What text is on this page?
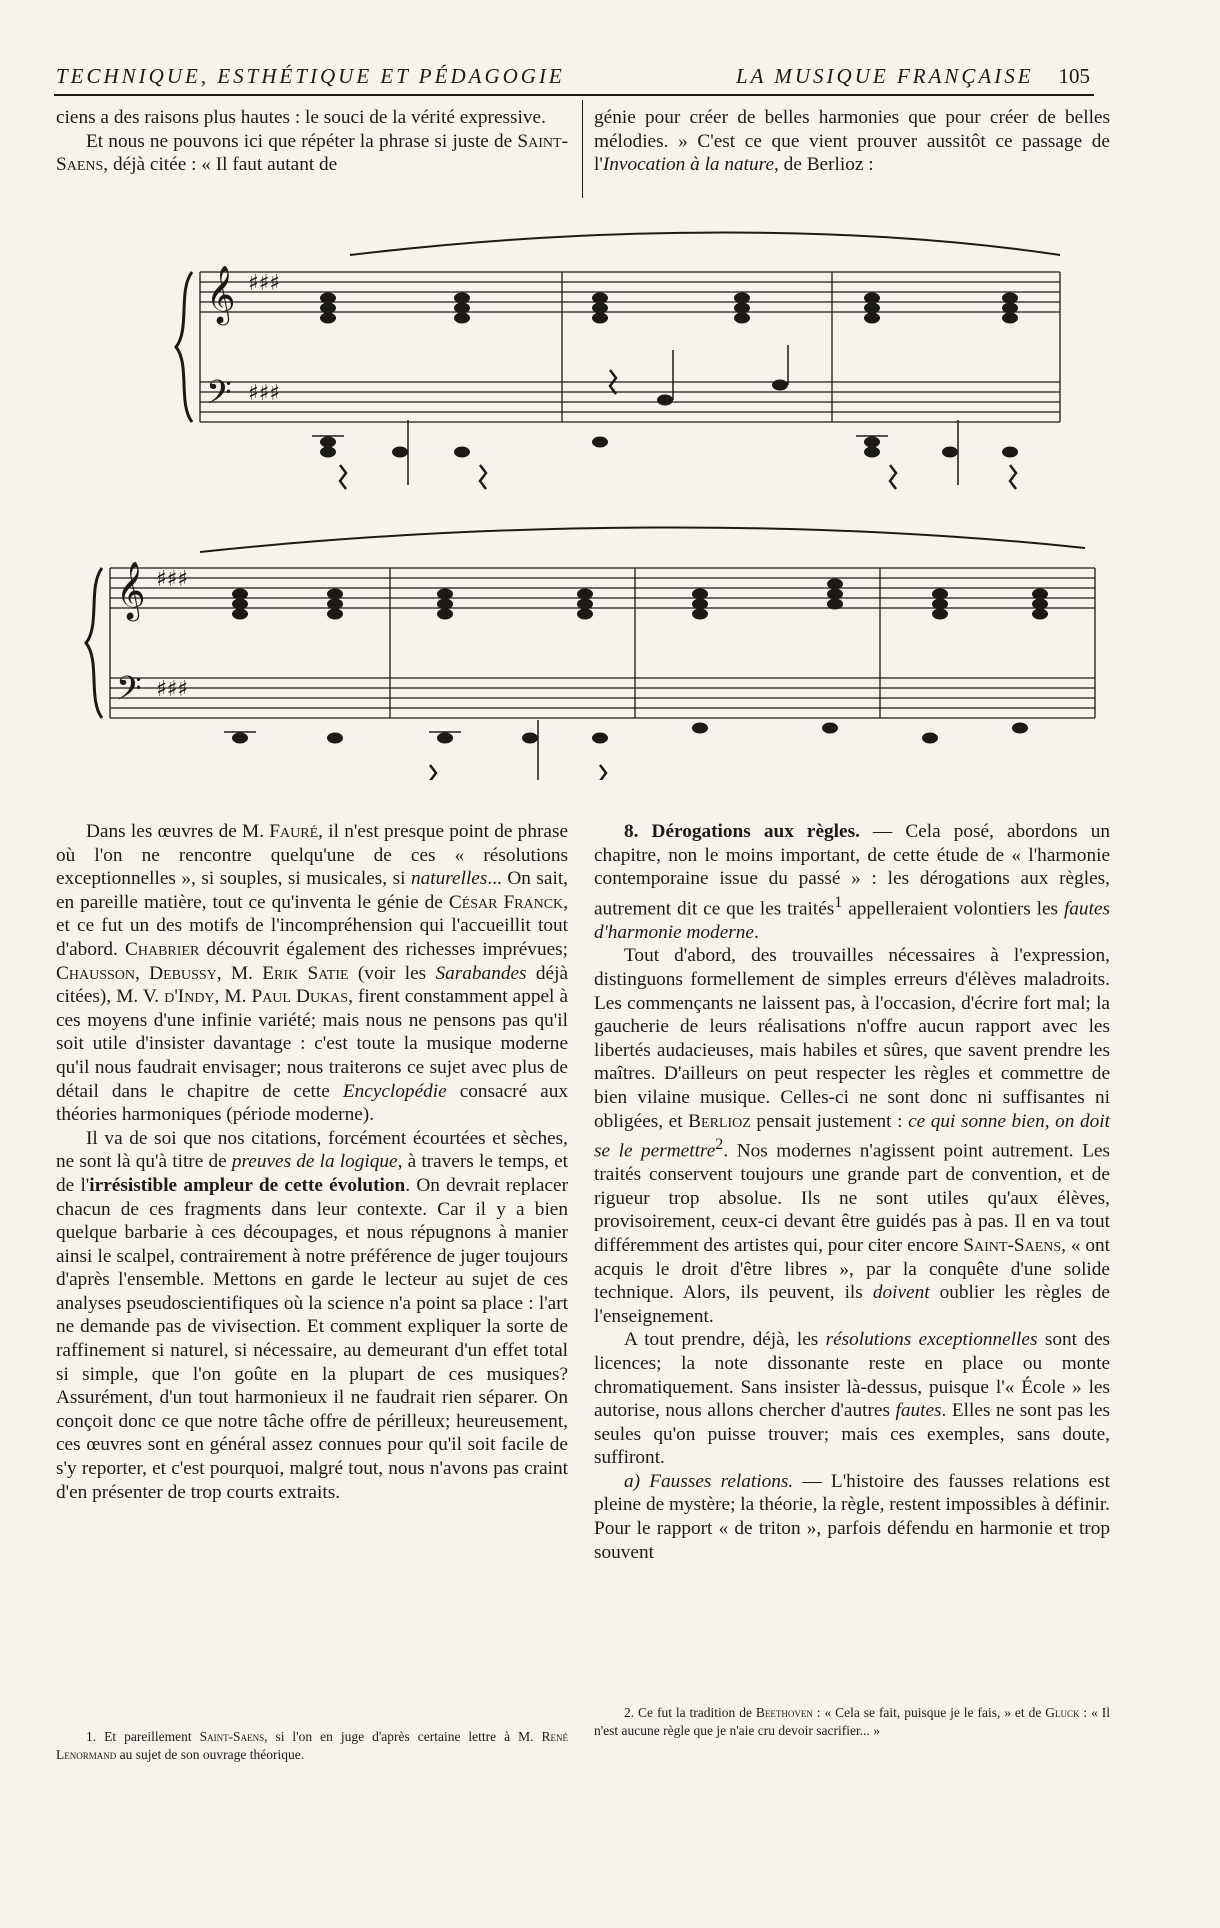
TECHNIQUE, ESTHÉTIQUE ET PÉDAGOGIE	LA MUSIQUE FRANÇAISE 105

ciens a des raisons plus hautes : le souci de la vérité expressive.

Et nous ne pouvons ici que répéter la phrase si juste de Saint-Saens, déjà citée : « Il faut autant de

génie pour créer de belles harmonies que pour créer de belles mélodies. » C'est ce que vient prouver aussitôt ce passage de l'Invocation à la nature, de Berlioz :

𝄞 ♯♯♯
𝄢 ♯♯♯
𝄞 ♯♯♯
𝄢 ♯♯♯

Dans les œuvres de M. Fauré, il n'est presque point de phrase où l'on ne rencontre quelqu'une de ces « résolutions exceptionnelles », si souples, si musicales, si naturelles... On sait, en pareille matière, tout ce qu'inventa le génie de César Franck, et ce fut un des motifs de l'incompréhension qui l'accueillit tout d'abord. Chabrier découvrit également des richesses imprévues; Chausson, Debussy, M. Erik Satie (voir les Sarabandes déjà citées), M. V. d'Indy, M. Paul Dukas, firent constamment appel à ces moyens d'une infinie variété; mais nous ne pensons pas qu'il soit utile d'insister davantage : c'est toute la musique moderne qu'il nous faudrait envisager; nous traiterons ce sujet avec plus de détail dans le chapitre de cette Encyclopédie consacré aux théories harmoniques (période moderne).

Il va de soi que nos citations, forcément écourtées et sèches, ne sont là qu'à titre de preuves de la logique, à travers le temps, et de l'irrésistible ampleur de cette évolution. On devrait replacer chacun de ces fragments dans leur contexte. Car il y a bien quelque barbarie à ces découpages, et nous répugnons à manier ainsi le scalpel, contrairement à notre préférence de juger toujours d'après l'ensemble. Mettons en garde le lecteur au sujet de ces analyses pseudoscientifiques où la science n'a point sa place : l'art ne demande pas de vivisection. Et comment expliquer la sorte de raffinement si naturel, si nécessaire, au demeurant d'un effet total si simple, que l'on goûte en la plupart de ces musiques? Assurément, d'un tout harmonieux il ne faudrait rien séparer. On conçoit donc ce que notre tâche offre de périlleux; heureusement, ces œuvres sont en général assez connues pour qu'il soit facile de s'y reporter, et c'est pourquoi, malgré tout, nous n'avons pas craint d'en présenter de trop courts extraits.

8. Dérogations aux règles. — Cela posé, abordons un chapitre, non le moins important, de cette étude de « l'harmonie contemporaine issue du passé » : les dérogations aux règles, autrement dit ce que les traités$^1$ appelleraient volontiers les fautes d'harmonie moderne.

Tout d'abord, des trouvailles nécessaires à l'expression, distinguons formellement de simples erreurs d'élèves maladroits. Les commençants ne laissent pas, à l'occasion, d'écrire fort mal; la gaucherie de leurs réalisations n'offre aucun rapport avec les libertés audacieuses, mais habiles et sûres, que savent prendre les maîtres. D'ailleurs on peut respecter les règles et commettre de bien vilaine musique. Celles-ci ne sont donc ni suffisantes ni obligées, et Berlioz pensait justement : ce qui sonne bien, on doit se le permettre$^2$. Nos modernes n'agissent point autrement. Les traités conservent toujours une grande part de convention, et de rigueur trop absolue. Ils ne sont utiles qu'aux élèves, provisoirement, ceux-ci devant être guidés pas à pas. Il en va tout différemment des artistes qui, pour citer encore Saint-Saens, « ont acquis le droit d'être libres », par la conquête d'une solide technique. Alors, ils peuvent, ils doivent oublier les règles de l'enseignement.

A tout prendre, déjà, les résolutions exceptionnelles sont des licences; la note dissonante reste en place ou monte chromatiquement. Sans insister là-dessus, puisque l'« École » les autorise, nous allons chercher d'autres fautes. Elles ne sont pas les seules qu'on puisse trouver; mais ces exemples, sans doute, suffiront.

a) Fausses relations. — L'histoire des fausses relations est pleine de mystère; la théorie, la règle, restent impossibles à définir. Pour le rapport « de triton », parfois défendu en harmonie et trop souvent

1. Et pareillement Saint-Saens, si l'on en juge d'après certaine lettre à M. René Lenormand au sujet de son ouvrage théorique.

2. Ce fut la tradition de Beethoven : « Cela se fait, puisque je le fais, » et de Gluck : « Il n'est aucune règle que je n'aie cru devoir sacrifier... »
